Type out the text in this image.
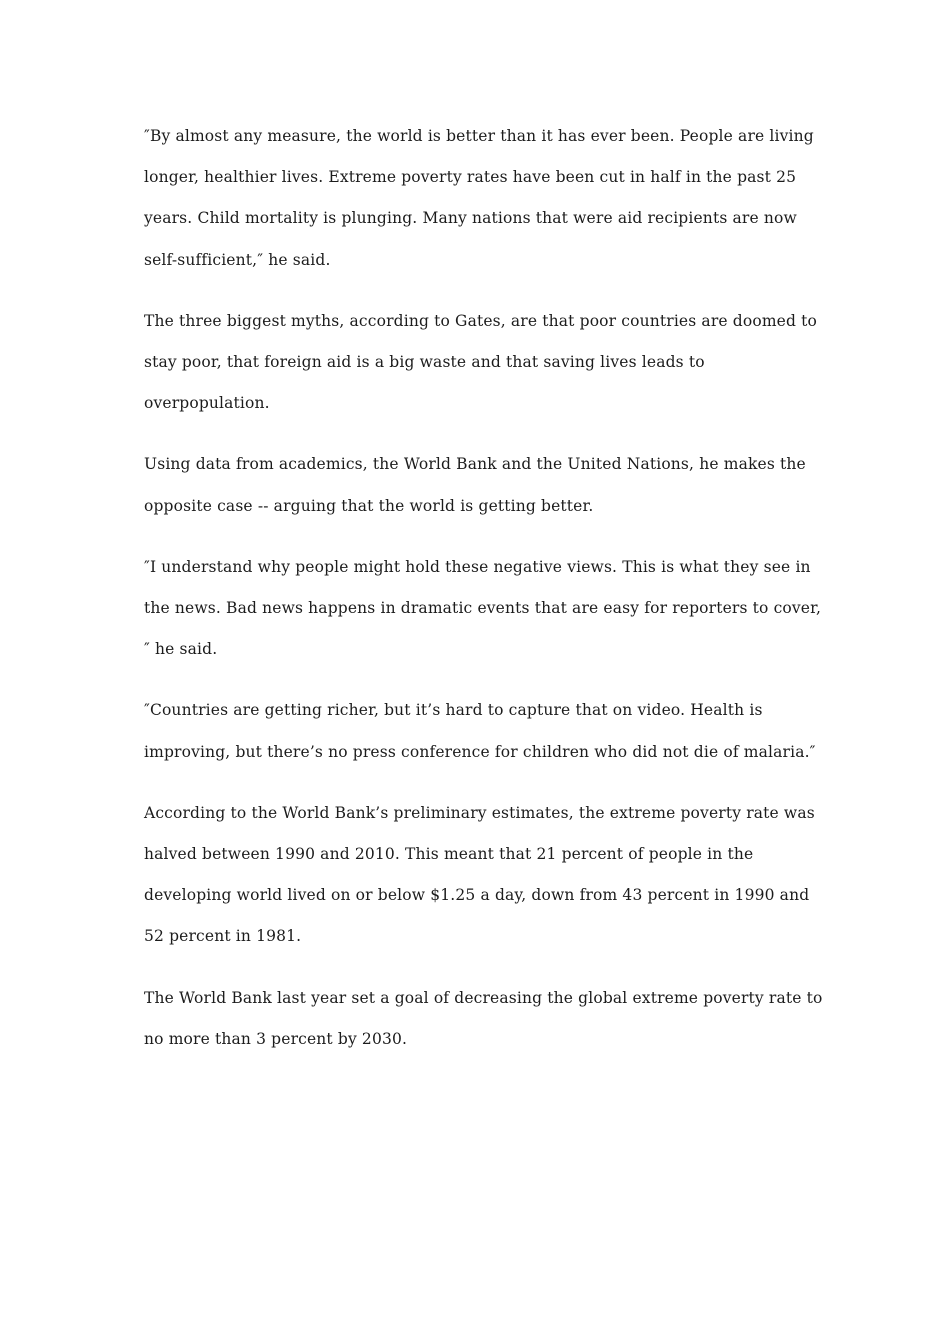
″By almost any measure, the world is better than it has ever been. People are living longer, healthier lives. Extreme poverty rates have been cut in half in the past 25 years. Child mortality is plunging. Many nations that were aid recipients are now self-sufficient,″ he said.

The three biggest myths, according to Gates, are that poor countries are doomed to stay poor, that foreign aid is a big waste and that saving lives leads to overpopulation.

Using data from academics, the World Bank and the United Nations, he makes the opposite case -- arguing that the world is getting better.

″I understand why people might hold these negative views. This is what they see in the news. Bad news happens in dramatic events that are easy for reporters to cover,″ he said.

″Countries are getting richer, but it’s hard to capture that on video. Health is improving, but there’s no press conference for children who did not die of malaria.″

According to the World Bank’s preliminary estimates, the extreme poverty rate was halved between 1990 and 2010. This meant that 21 percent of people in the developing world lived on or below $1.25 a day, down from 43 percent in 1990 and 52 percent in 1981.

The World Bank last year set a goal of decreasing the global extreme poverty rate to no more than 3 percent by 2030.
